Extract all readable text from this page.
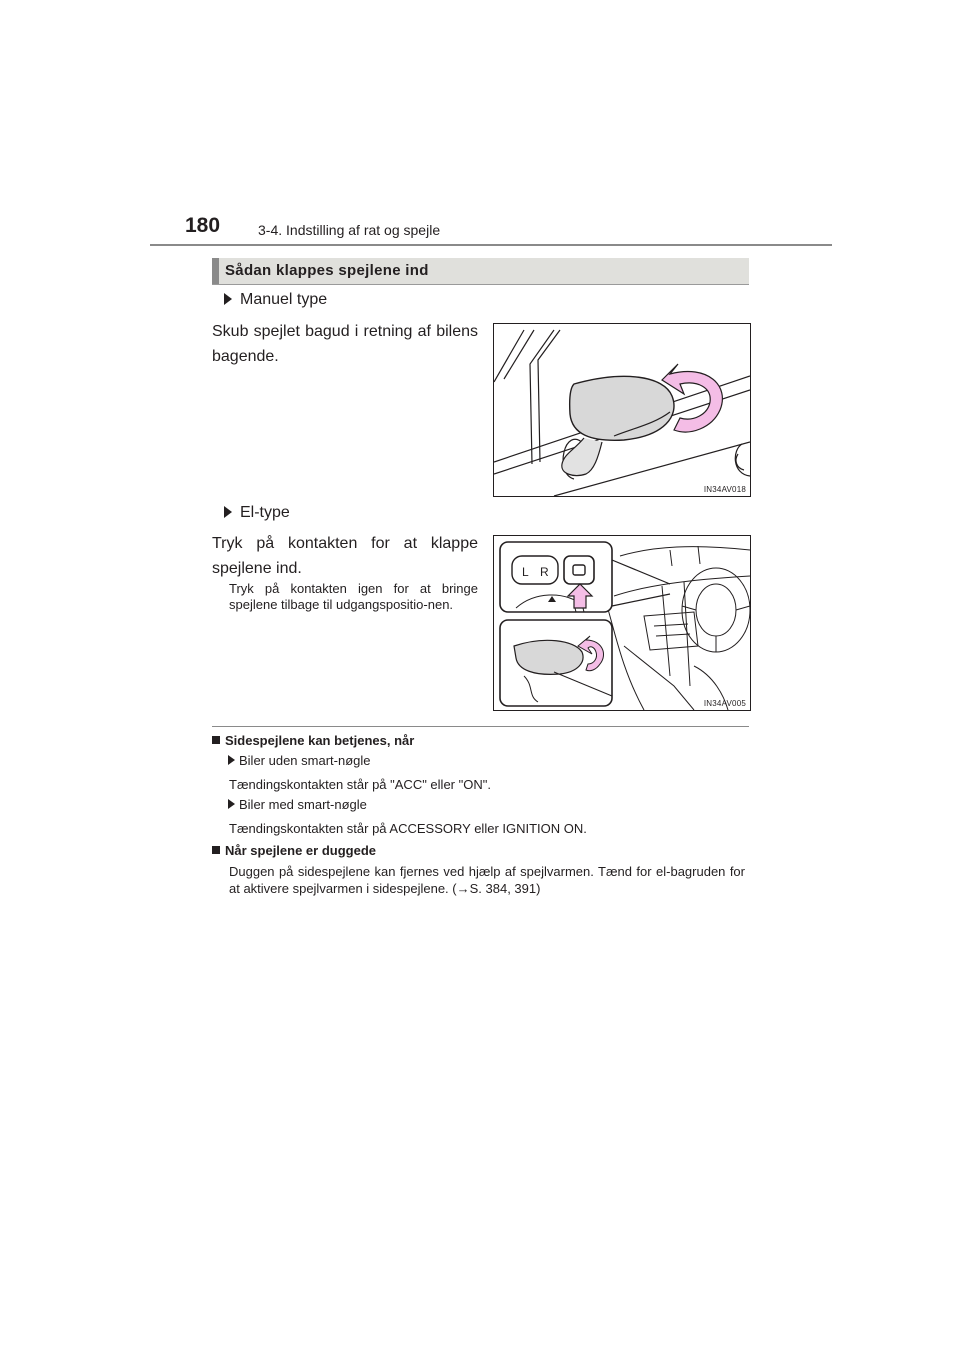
180	3-4. Indstilling af rat og spejle
Sådan klappes spejlene ind
Manuel type
Skub spejlet bagud i retning af bilens bagende.
IN34AV018
El-type
Tryk på kontakten for at klappe spejlene ind.
Tryk på kontakten igen for at bringe spejlene tilbage til udgangspositio-nen.
L R
IN34AV005
Sidespejlene kan betjenes, når
Biler uden smart-nøgle
Tændingskontakten står på "ACC" eller "ON".
Biler med smart-nøgle
Tændingskontakten står på ACCESSORY eller IGNITION ON.
Når spejlene er duggede
Duggen på sidespejlene kan fjernes ved hjælp af spejlvarmen. Tænd for el-bagruden for at aktivere spejlvarmen i sidespejlene. (→S. 384, 391)
